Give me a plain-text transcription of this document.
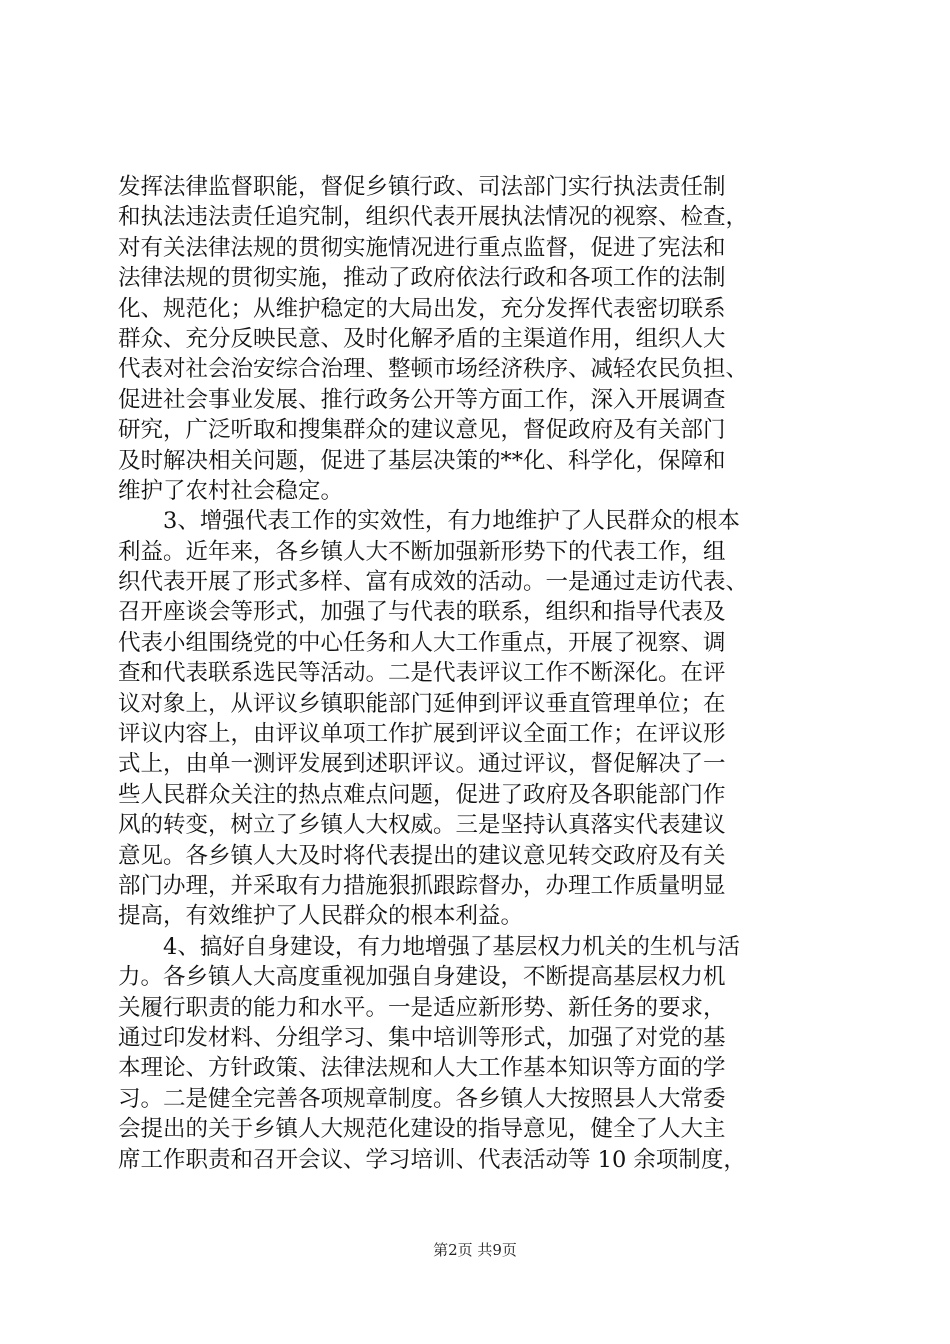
发挥法律监督职能，督促乡镇行政、司法部门实行执法责任制
和执法违法责任追究制，组织代表开展执法情况的视察、检查，
对有关法律法规的贯彻实施情况进行重点监督，促进了宪法和
法律法规的贯彻实施，推动了政府依法行政和各项工作的法制
化、规范化；从维护稳定的大局出发，充分发挥代表密切联系
群众、充分反映民意、及时化解矛盾的主渠道作用，组织人大
代表对社会治安综合治理、整顿市场经济秩序、减轻农民负担、
促进社会事业发展、推行政务公开等方面工作，深入开展调查
研究，广泛听取和搜集群众的建议意见，督促政府及有关部门
及时解决相关问题，促进了基层决策的**化、科学化，保障和
维护了农村社会稳定。
　　3、增强代表工作的实效性，有力地维护了人民群众的根本
利益。近年来，各乡镇人大不断加强新形势下的代表工作，组
织代表开展了形式多样、富有成效的活动。一是通过走访代表、
召开座谈会等形式，加强了与代表的联系，组织和指导代表及
代表小组围绕党的中心任务和人大工作重点，开展了视察、调
查和代表联系选民等活动。二是代表评议工作不断深化。在评
议对象上，从评议乡镇职能部门延伸到评议垂直管理单位；在
评议内容上，由评议单项工作扩展到评议全面工作；在评议形
式上，由单一测评发展到述职评议。通过评议，督促解决了一
些人民群众关注的热点难点问题，促进了政府及各职能部门作
风的转变，树立了乡镇人大权威。三是坚持认真落实代表建议
意见。各乡镇人大及时将代表提出的建议意见转交政府及有关
部门办理，并采取有力措施狠抓跟踪督办，办理工作质量明显
提高，有效维护了人民群众的根本利益。
　　4、搞好自身建设，有力地增强了基层权力机关的生机与活
力。各乡镇人大高度重视加强自身建设，不断提高基层权力机
关履行职责的能力和水平。一是适应新形势、新任务的要求，
通过印发材料、分组学习、集中培训等形式，加强了对党的基
本理论、方针政策、法律法规和人大工作基本知识等方面的学
习。二是健全完善各项规章制度。各乡镇人大按照县人大常委
会提出的关于乡镇人大规范化建设的指导意见，健全了人大主
席工作职责和召开会议、学习培训、代表活动等 10 余项制度，
第2页 共9页
